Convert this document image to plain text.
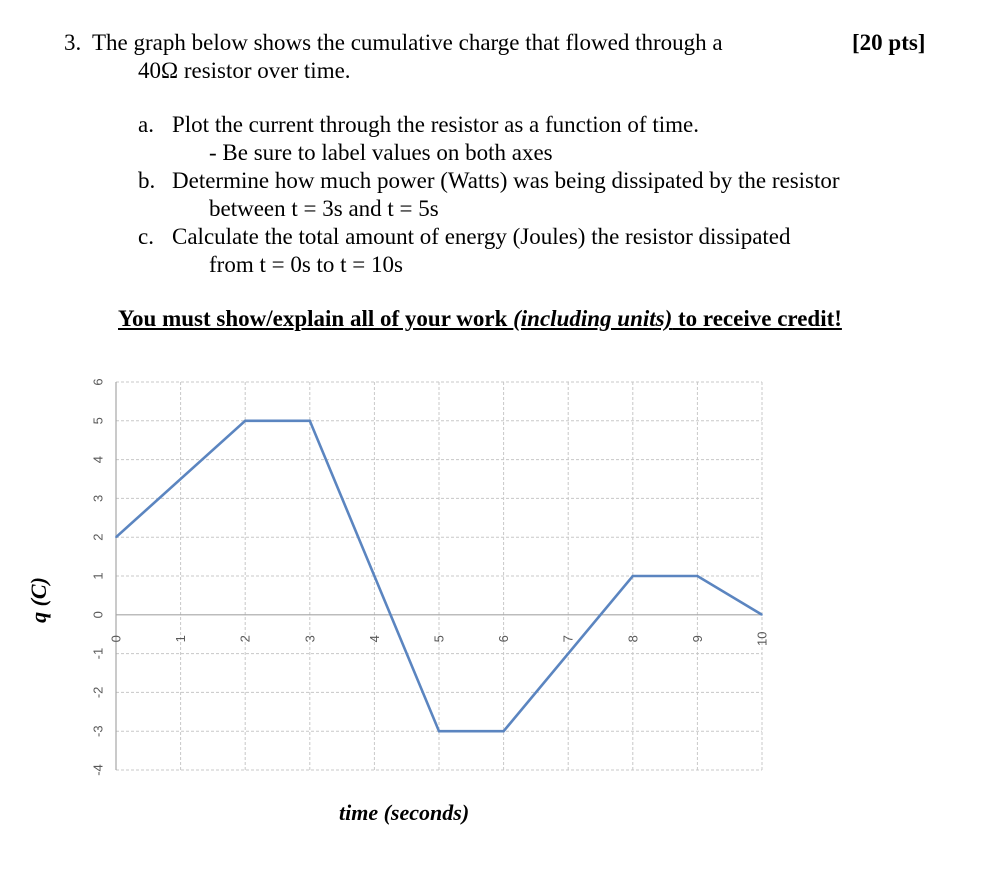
3. The graph below shows the cumulative charge that flowed through a
40Ω resistor over time.
[20 pts]
a. Plot the current through the resistor as a function of time.
- Be sure to label values on both axes
b. Determine how much power (Watts) was being dissipated by the resistor
between t = 3s and t = 5s
c. Calculate the total amount of energy (Joules) the resistor dissipated
from t = 0s to t = 10s
You must show/explain all of your work (including units) to receive credit!
6
5
4
3
2
1
0
-1
-2
-3
-4
0	1	2	3	4	5	6	7	8	9	10
q (C)
time (seconds)
